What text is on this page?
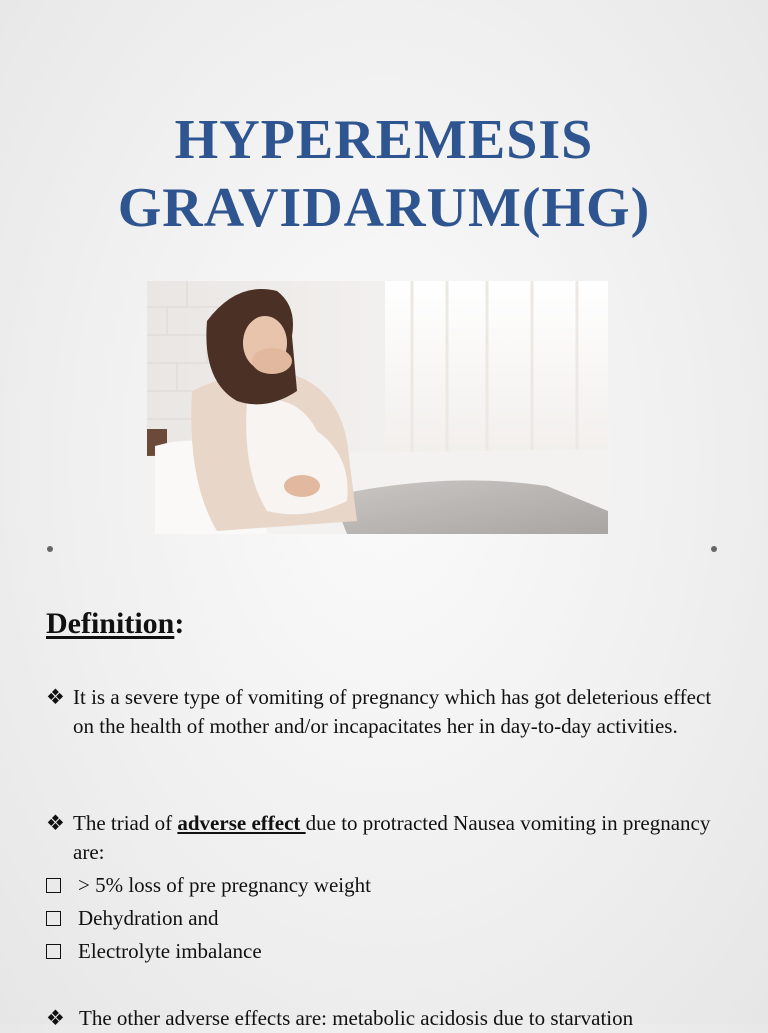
HYPEREMESIS
GRAVIDARUM(HG)
Definition:
❖ It is a severe type of vomiting of pregnancy which has got deleterious effect on the health of mother and/or incapacitates her in day-to-day activities.
❖ The triad of adverse effect due to protracted Nausea vomiting in pregnancy are:
> 5% loss of pre pregnancy weight
Dehydration and
Electrolyte imbalance
❖ The other adverse effects are: metabolic acidosis due to starvation
